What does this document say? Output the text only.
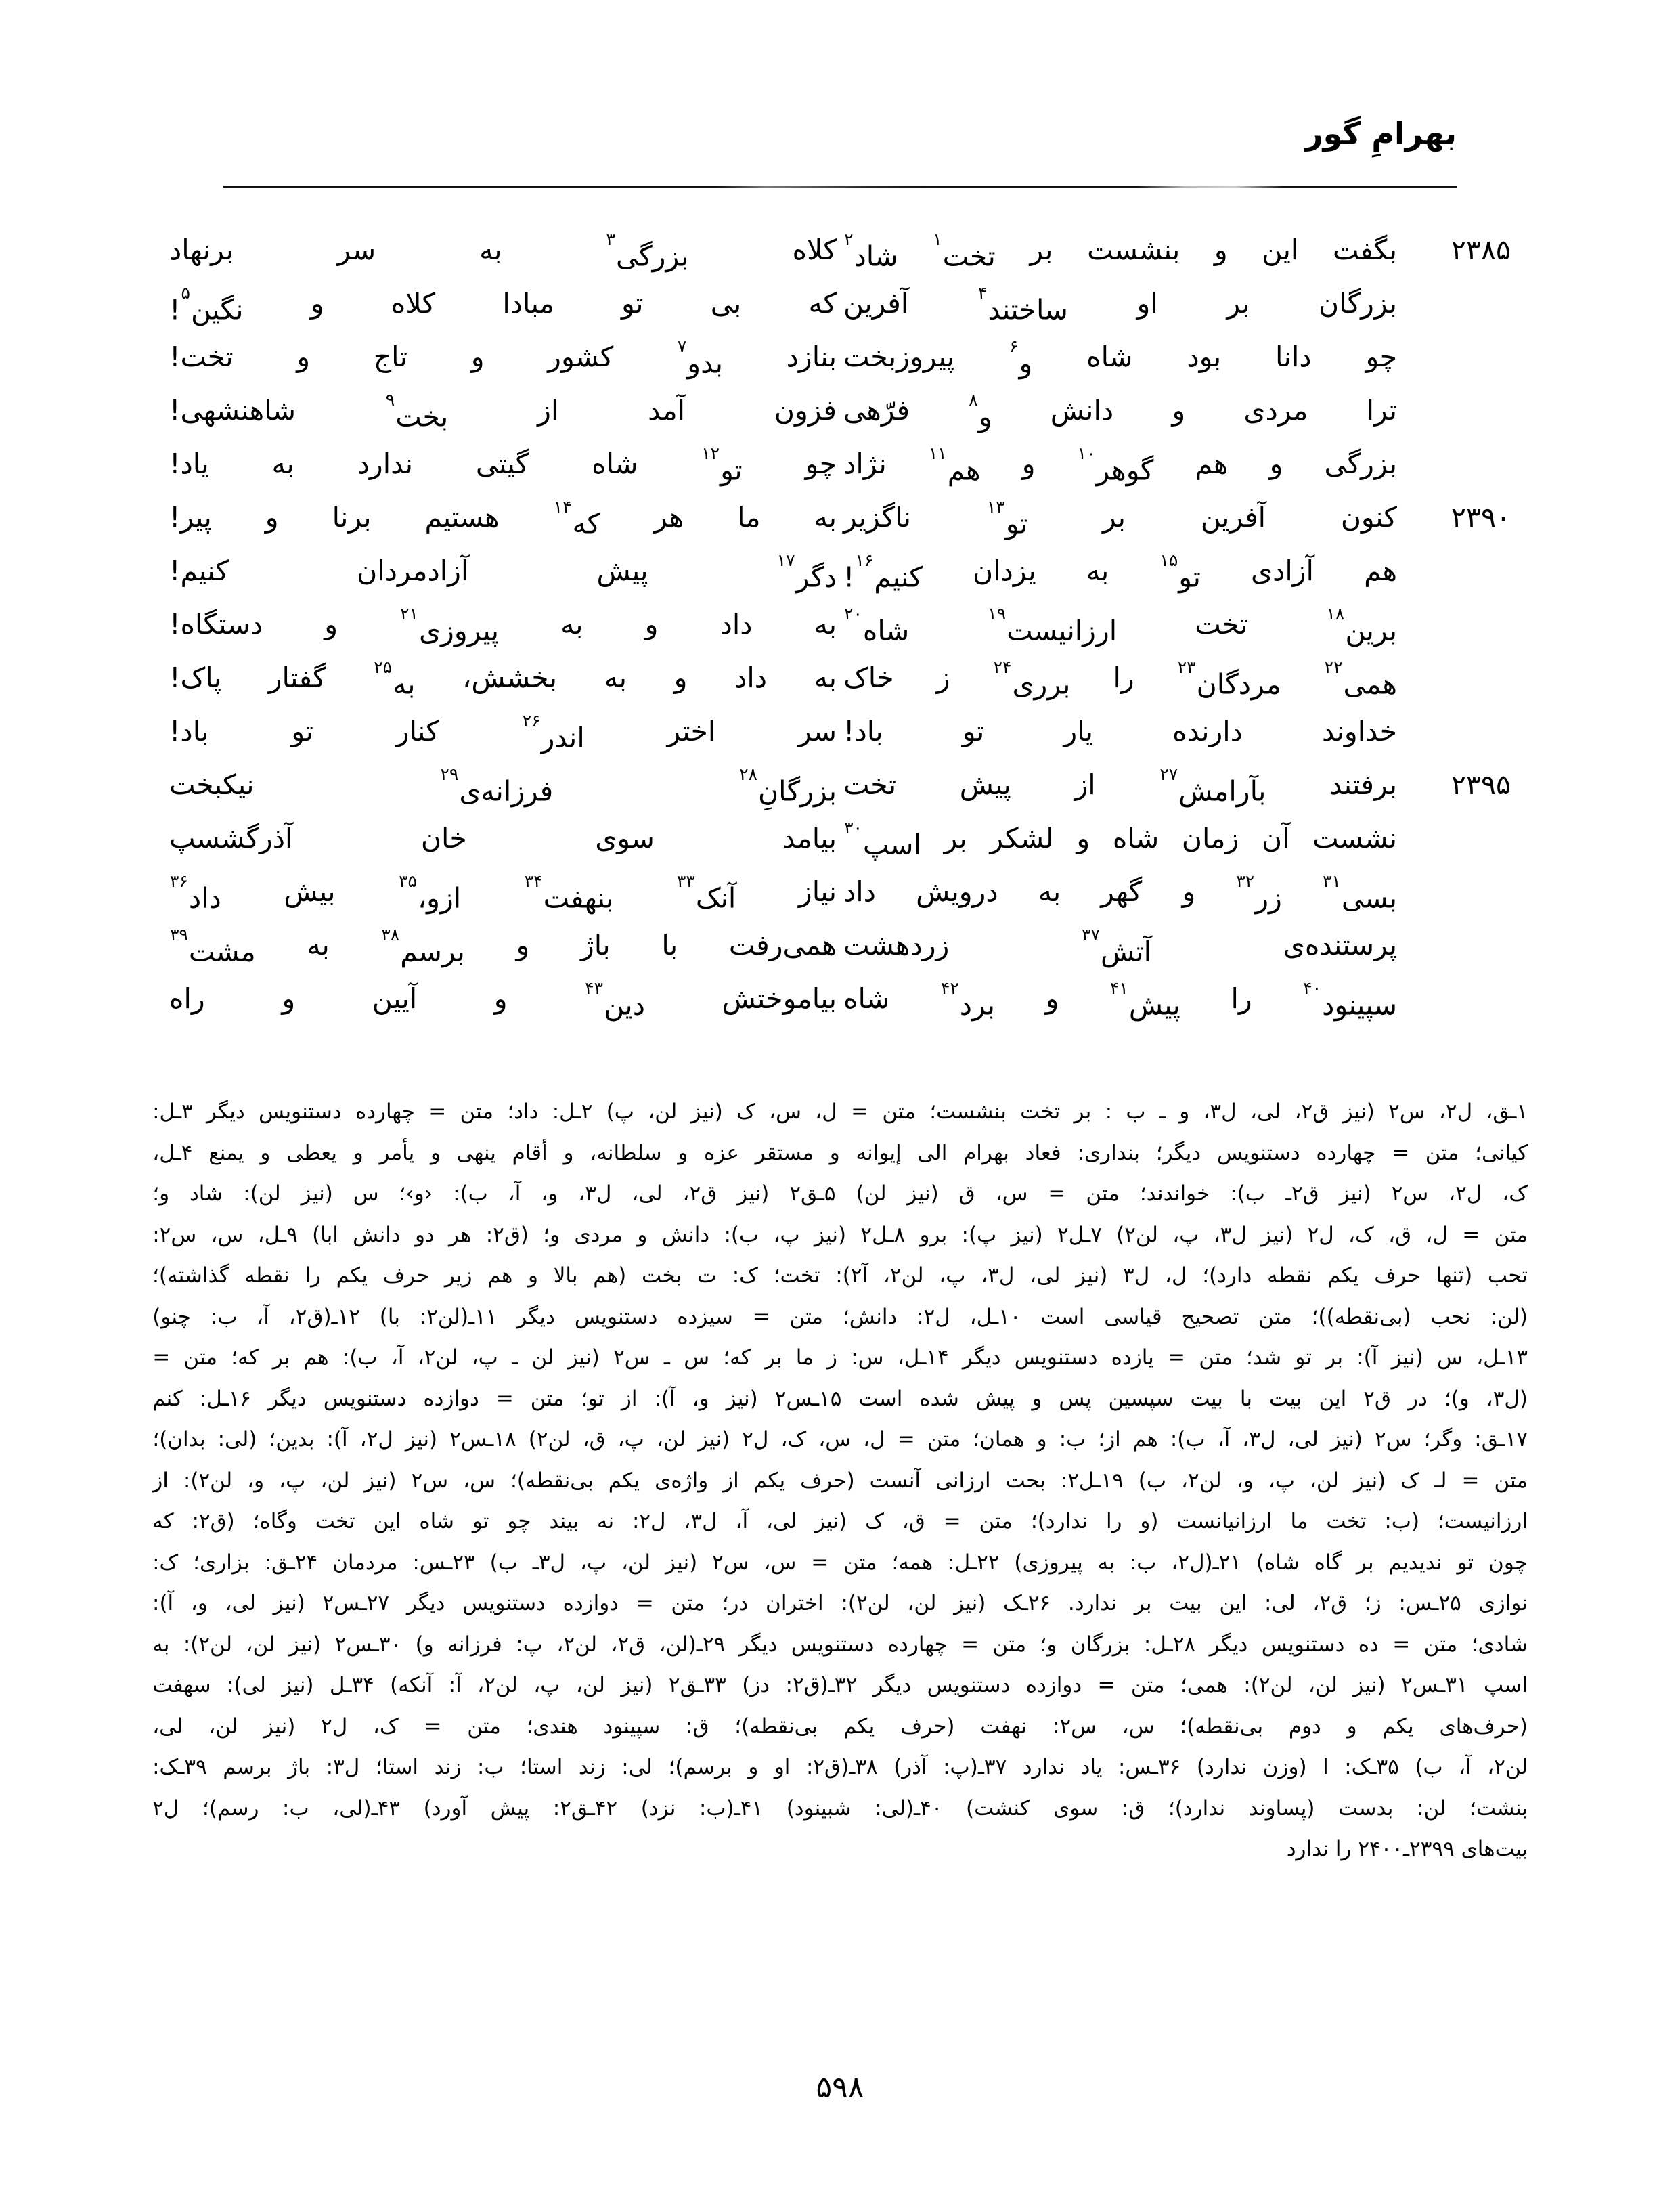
بهرامِ گور
۲۳۸۵
بگفت
این
و
بنشست
بر
تخت$^۱$
شاد$^۲$
کلاه
بزرگی$^۳$
به
سر
برنهاد
بزرگان
بر
او
ساختند$^۴$
آفرین
که
بی
تو
مبادا
کلاه
و
نگین$^۵$!
چو
دانا
بود
شاه
و$^۶$
پیروزبخت
بنازد
بدو$^۷$
کشور
و
تاج
و
تخت!
ترا
مردی
و
دانش
و$^۸$
فرّهی
فزون
آمد
از
بخت$^۹$
شاهنشهی!
بزرگی
و
هم
گوهر$^{۱۰}$
و
هم$^{۱۱}$
نژاد
چو
تو$^{۱۲}$
شاه
گیتی
ندارد
به
یاد!
۲۳۹۰
کنون
آفرین
بر
تو$^{۱۳}$
ناگزیر
به
ما
هر
که$^{۱۴}$
هستیم
برنا
و
پیر!
هم
آزادی
تو$^{۱۵}$
به
یزدان
کنیم$^{۱۶}$!
دگر$^{۱۷}$
پیش
آزادمردان
کنیم!
برین$^{۱۸}$
تخت
ارزانیست$^{۱۹}$
شاه$^{۲۰}$
به
داد
و
به
پیروزی$^{۲۱}$
و
دستگاه!
همی$^{۲۲}$
مردگان$^{۲۳}$
را
برری$^{۲۴}$
ز
خاک
به
داد
و
به
بخشش،
به$^{۲۵}$
گفتار
پاک!
خداوند
دارنده
یار
تو
باد!
سر
اختر
اندر$^{۲۶}$
کنار
تو
باد!
۲۳۹۵
برفتند
بآرامش$^{۲۷}$
از
پیش
تخت
بزرگانِ$^{۲۸}$
فرزانه‌ی$^{۲۹}$
نیکبخت
نشست
آن
زمان
شاه
و
لشکر
بر
اسپ$^{۳۰}$
بیامد
سوی
خان
آذرگشسپ
بسی$^{۳۱}$
زر$^{۳۲}$
و
گهر
به
درویش
داد
نیاز
آنک$^{۳۳}$
بنهفت$^{۳۴}$
ازو،$^{۳۵}$
بیش
داد$^{۳۶}$
پرستنده‌ی
آتش$^{۳۷}$
زردهشت
همی‌رفت
با
باژ
و
برسم$^{۳۸}$
به
مشت$^{۳۹}$
سپینود$^{۴۰}$
را
پیش$^{۴۱}$
و
برد$^{۴۲}$
شاه
بیاموختش
دین$^{۴۳}$
و
آیین
و
راه
۱ـق،
ل۲،
س۲
(نیز
ق۲،
لی،
ل۳،
و
ـ
ب
:
بر
تخت
بنشست؛
متن
=
ل،
س،
ک
(نیز
لن،
پ)
۲ـل:
داد؛
متن
=
چهارده
دستنویس
دیگر
۳ـل:
کیانی؛
متن
=
چهارده
دستنویس
دیگر؛
بنداری:
فعاد
بهرام
الی
إیوانه
و
مستقر
عزه
و
سلطانه،
و
أقام
ینهی
و
یأمر
و
یعطی
و
یمنع
۴ـل،
ک،
ل۲،
س۲
(نیز
ق۲ـ
ب):
خواندند؛
متن
=
س،
ق
(نیز
لن)
۵ـق۲
(نیز
ق۲،
لی،
ل۳،
و،
آ،
ب):
‹و›؛
س
(نیز
لن):
شاد
و؛
متن
=
ل،
ق،
ک،
ل۲
(نیز
ل۳،
پ،
لن۲)
۷ـل۲
(نیز
پ):
برو
۸ـل۲
(نیز
پ،
ب):
دانش
و
مردی
و؛
(ق۲:
هر
دو
دانش
ابا)
۹ـل،
س،
س۲:
تحب
(تنها
حرف
یکم
نقطه
دارد)؛
ل،
ل۳
(نیز
لی،
ل۳،
پ،
لن۲،
آ۲):
تخت؛
ک:
ت
بخت
(هم
بالا
و
هم
زیر
حرف
یکم
را
نقطه
گذاشته)؛
(لن:
نحب
(بی‌نقطه))؛
متن
تصحیح
قیاسی
است
۱۰ـل،
ل۲:
دانش؛
متن
=
سیزده
دستنویس
دیگر
۱۱ـ(لن۲:
با)
۱۲ـ(ق۲،
آ،
ب:
چنو)
۱۳ـل،
س
(نیز
آ):
بر
تو
شد؛
متن
=
یازده
دستنویس
دیگر
۱۴ـل،
س:
ز
ما
بر
که؛
س
ـ
س۲
(نیز
لن
ـ
پ،
لن۲،
آ،
ب):
هم
بر
که؛
متن
=
(ل۳،
و)؛
در
ق۲
این
بیت
با
بیت
سپسین
پس
و
پیش
شده
است
۱۵ـس۲
(نیز
و،
آ):
از
تو؛
متن
=
دوازده
دستنویس
دیگر
۱۶ـل:
کنم
۱۷ـق:
وگر؛
س۲
(نیز
لی،
ل۳،
آ،
ب):
هم
از؛
ب:
و
همان؛
متن
=
ل،
س،
ک،
ل۲
(نیز
لن،
پ،
ق،
لن۲)
۱۸ـس۲
(نیز
ل۲،
آ):
بدین؛
(لی:
بدان)؛
متن
=
لـ
ک
(نیز
لن،
پ،
و،
لن۲،
ب)
۱۹ـل۲:
بحت
ارزانی
آنست
(حرف
یکم
از
واژه‌ی
یکم
بی‌نقطه)؛
س،
س۲
(نیز
لن،
پ،
و،
لن۲):
از
ارزانیست؛
(ب:
تخت
ما
ارزانیانست
(و
را
ندارد)؛
متن
=
ق،
ک
(نیز
لی،
آ،
ل۳،
ل۲:
نه
بیند
چو
تو
شاه
این
تخت
وگاه؛
(ق۲:
که
چون
تو
ندیدیم
بر
گاه
شاه)
۲۱ـ(ل۲،
ب:
به
پیروزی)
۲۲ـل:
همه؛
متن
=
س،
س۲
(نیز
لن،
پ،
ل۳ـ
ب)
۲۳ـس:
مردمان
۲۴ـق:
بزاری؛
ک:
نوازی
۲۵ـس:
ز؛
ق۲،
لی:
این
بیت
بر
ندارد.
۲۶ـک
(نیز
لن،
لن۲):
اختران
در؛
متن
=
دوازده
دستنویس
دیگر
۲۷ـس۲
(نیز
لی،
و،
آ):
شادی؛
متن
=
ده
دستنویس
دیگر
۲۸ـل:
بزرگان
و؛
متن
=
چهارده
دستنویس
دیگر
۲۹ـ(لن،
ق۲،
لن۲،
پ:
فرزانه
و)
۳۰ـس۲
(نیز
لن،
لن۲):
به
اسپ
۳۱ـس۲
(نیز
لن،
لن۲):
همی؛
متن
=
دوازده
دستنویس
دیگر
۳۲ـ(ق۲:
دز)
۳۳ـق۲
(نیز
لن،
پ،
لن۲،
آ:
آنکه)
۳۴ـل
(نیز
لی):
سهفت
(حرف‌های
یکم
و
دوم
بی‌نقطه)؛
س،
س۲:
نهفت
(حرف
یکم
بی‌نقطه)؛
ق:
سپینود
هندی؛
متن
=
ک،
ل۲
(نیز
لن،
لی،
لن۲،
آ،
ب)
۳۵ـک:
ا
(وزن
ندارد)
۳۶ـس:
یاد
ندارد
۳۷ـ(پ:
آذر)
۳۸ـ(ق۲:
او
و
برسم)؛
لی:
زند
استا؛
ب:
زند
استا؛
ل۳:
باژ
برسم
۳۹ـک:
بنشت؛
لن:
بدست
(پساوند
ندارد)؛
ق:
سوی
کنشت)
۴۰ـ(لی:
شبینود)
۴۱ـ(ب:
نزد)
۴۲ـق۲:
پیش
آورد)
۴۳ـ(لی،
ب:
رسم)؛
ل۲
بیت‌های ۲۳۹۹ـ۲۴۰۰ را ندارد
۵۹۸
